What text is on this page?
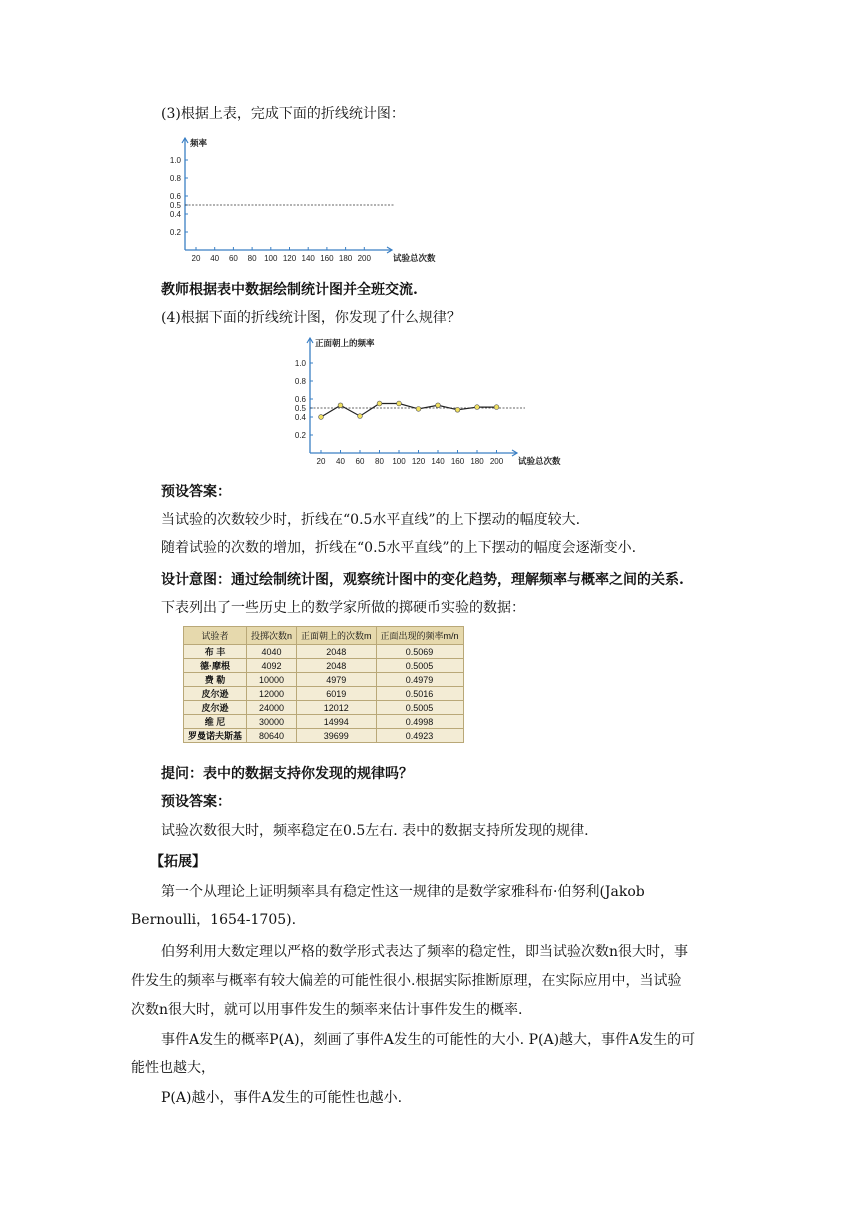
(3)根据上表，完成下面的折线统计图：
1.0
0.8
0.6
0.5
0.4
0.2
20 40 60 80 100 120 140 160 180 200
频率
试验总次数
教师根据表中数据绘制统计图并全班交流.
(4)根据下面的折线统计图，你发现了什么规律？
1.0
0.8
0.6
0.5
0.4
0.2
20 40 60 80 100 120 140 160 180 200
正面朝上的频率
试验总次数
预设答案：
当试验的次数较少时，折线在“0.5水平直线”的上下摆动的幅度较大.
随着试验的次数的增加，折线在“0.5水平直线”的上下摆动的幅度会逐渐变小.
设计意图：通过绘制统计图，观察统计图中的变化趋势，理解频率与概率之间的关系.
下表列出了一些历史上的数学家所做的掷硬币实验的数据：
试验者	投掷次数n	正面朝上的次数m	正面出现的频率m/n
布 丰	4040	2048	0.5069
德·摩根	4092	2048	0.5005
费 勒	10000	4979	0.4979
皮尔逊	12000	6019	0.5016
皮尔逊	24000	12012	0.5005
维 尼	30000	14994	0.4998
罗曼诺夫斯基	80640	39699	0.4923
提问：表中的数据支持你发现的规律吗？
预设答案：
试验次数很大时，频率稳定在0.5左右. 表中的数据支持所发现的规律.
【拓展】
第一个从理论上证明频率具有稳定性这一规律的是数学家雅科布·伯努利(Jakob
Bernoulli，1654-1705).
伯努利用大数定理以严格的数学形式表达了频率的稳定性，即当试验次数n很大时，事
件发生的频率与概率有较大偏差的可能性很小.根据实际推断原理，在实际应用中，当试验
次数n很大时，就可以用事件发生的频率来估计事件发生的概率.
事件A发生的概率P(A)，刻画了事件A发生的可能性的大小. P(A)越大，事件A发生的可
能性也越大，
P(A)越小，事件A发生的可能性也越小.
